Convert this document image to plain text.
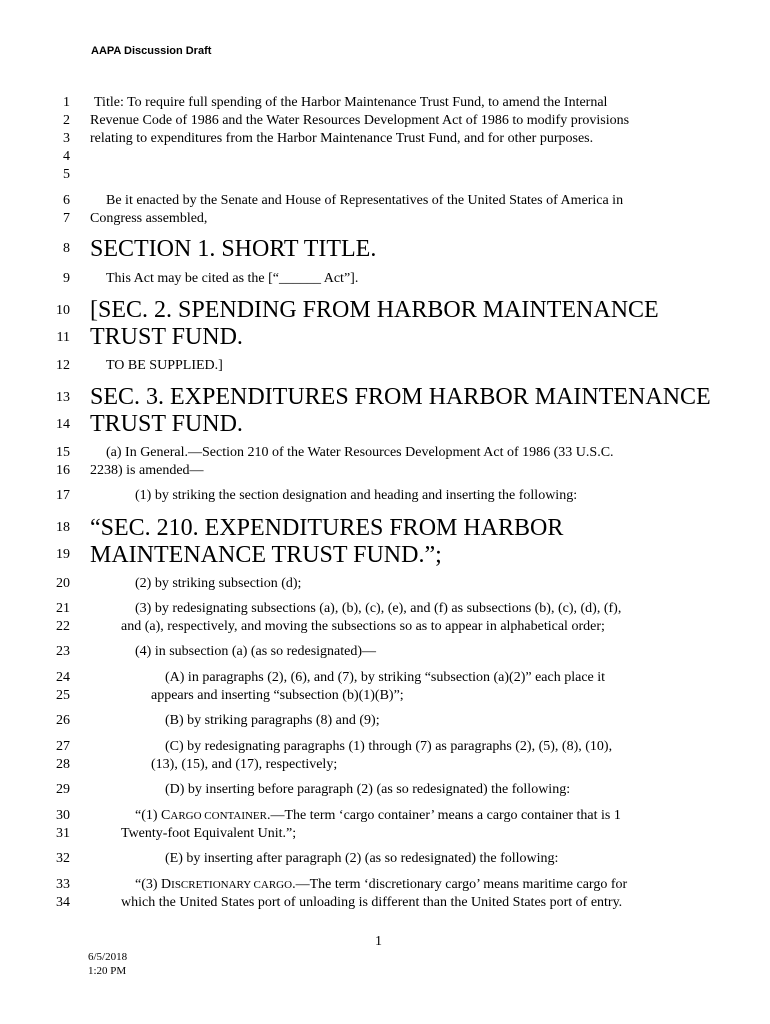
AAPA Discussion Draft
1
2
3
4
5
6
7
8
9
10
11
12
13
14
15
16
17
18
19
20
21
22
23
24
25
26
27
28
29
30
31
32
33
34
Title: To require full spending of the Harbor Maintenance Trust Fund, to amend the Internal
Revenue Code of 1986 and the Water Resources Development Act of 1986 to modify provisions
relating to expenditures from the Harbor Maintenance Trust Fund, and for other purposes.
Be it enacted by the Senate and House of Representatives of the United States of America in
Congress assembled,
SECTION 1. SHORT TITLE.
This Act may be cited as the [“______ Act”].
[SEC. 2. SPENDING FROM HARBOR MAINTENANCE
TRUST FUND.
TO BE SUPPLIED.]
SEC. 3. EXPENDITURES FROM HARBOR MAINTENANCE
TRUST FUND.
(a) In General.—Section 210 of the Water Resources Development Act of 1986 (33 U.S.C.
2238) is amended—
(1) by striking the section designation and heading and inserting the following:
“SEC. 210. EXPENDITURES FROM HARBOR
MAINTENANCE TRUST FUND.”;
(2) by striking subsection (d);
(3) by redesignating subsections (a), (b), (c), (e), and (f) as subsections (b), (c), (d), (f),
and (a), respectively, and moving the subsections so as to appear in alphabetical order;
(4) in subsection (a) (as so redesignated)—
(A) in paragraphs (2), (6), and (7), by striking “subsection (a)(2)” each place it
appears and inserting “subsection (b)(1)(B)”;
(B) by striking paragraphs (8) and (9);
(C) by redesignating paragraphs (1) through (7) as paragraphs (2), (5), (8), (10),
(13), (15), and (17), respectively;
(D) by inserting before paragraph (2) (as so redesignated) the following:
“(1) CARGO CONTAINER.—The term ‘cargo container’ means a cargo container that is 1
Twenty-foot Equivalent Unit.”;
(E) by inserting after paragraph (2) (as so redesignated) the following:
“(3) DISCRETIONARY CARGO.—The term ‘discretionary cargo’ means maritime cargo for
which the United States port of unloading is different than the United States port of entry.
1
6/5/2018
1:20 PM
